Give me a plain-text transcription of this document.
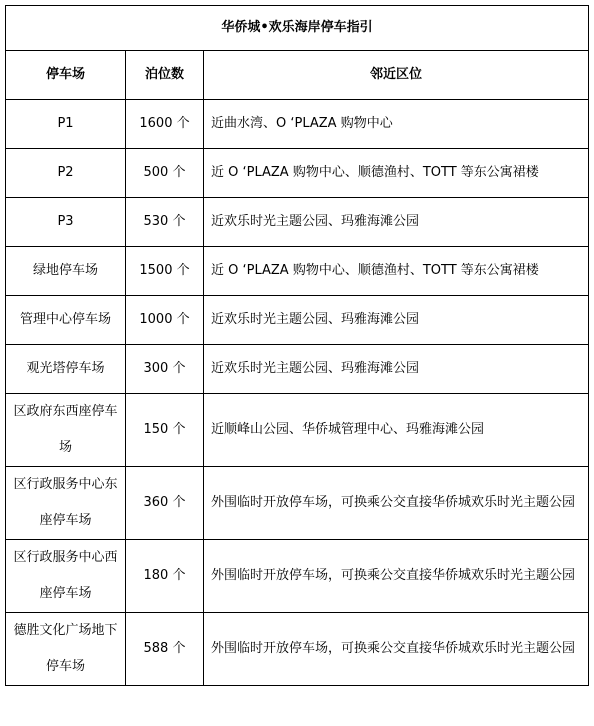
华侨城•欢乐海岸停车指引		
停车场	泊位数	邻近区位
P1	1600 个	近曲水湾、O ‘PLAZA 购物中心
P2	500 个	近 O ‘PLAZA 购物中心、顺德渔村、TOTT 等东公寓裙楼
P3	530 个	近欢乐时光主题公园、玛雅海滩公园
绿地停车场	1500 个	近 O ‘PLAZA 购物中心、顺德渔村、TOTT 等东公寓裙楼
管理中心停车场	1000 个	近欢乐时光主题公园、玛雅海滩公园
观光塔停车场	300 个	近欢乐时光主题公园、玛雅海滩公园
区政府东西座停车场	150 个	近顺峰山公园、华侨城管理中心、玛雅海滩公园
区行政服务中心东座停车场	360 个	外围临时开放停车场，可换乘公交直接华侨城欢乐时光主题公园
区行政服务中心西座停车场	180 个	外围临时开放停车场，可换乘公交直接华侨城欢乐时光主题公园
德胜文化广场地下停车场	588 个	外围临时开放停车场，可换乘公交直接华侨城欢乐时光主题公园
